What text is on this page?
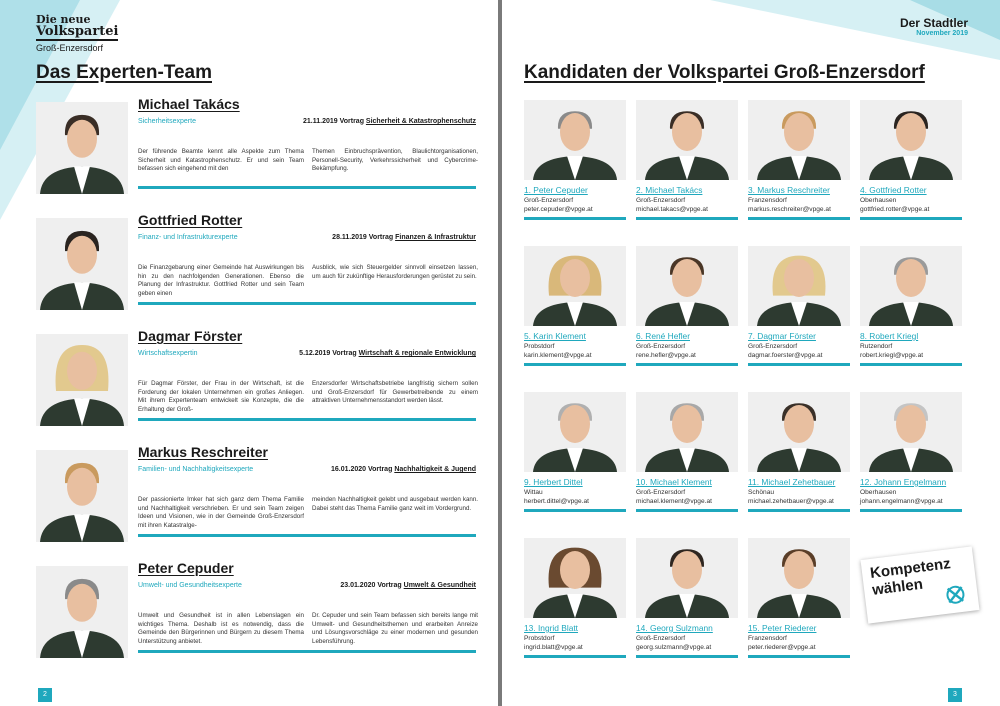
Die neue
Volkspartei
Groß-Enzersdorf
Das Experten-Team
Michael Takács
Sicherheitsexperte	21.11.2019 Vortrag Sicherheit & Katastrophenschutz
Der führende Beamte kennt alle Aspekte zum Thema Sicherheit und Katastrophenschutz. Er und sein Team befassen sich eingehend mit den
Themen Einbruchsprävention, Blaulichtorganisationen, Personell-Security, Verkehrssicherheit und Cybercrime-Bekämpfung.
Gottfried Rotter
Finanz- und Infrastrukturexperte	28.11.2019 Vortrag Finanzen & Infrastruktur
Die Finanzgebarung einer Gemeinde hat Auswirkungen bis hin zu den nachfolgenden Generationen. Ebenso die Planung der Infrastruktur. Gottfried Rotter und sein Team geben einen
Ausblick, wie sich Steuergelder sinnvoll einsetzen lassen, um auch für zukünftige Herausforderungen gerüstet zu sein.
Dagmar Förster
Wirtschaftsexpertin	5.12.2019 Vortrag Wirtschaft & regionale Entwicklung
Für Dagmar Förster, der Frau in der Wirtschaft, ist die Forderung der lokalen Unternehmen ein großes Anliegen. Mit ihrem Expertenteam entwickelt sie Konzepte, die die Erhaltung der Groß-
Enzersdorfer Wirtschaftsbetriebe langfristig sichern sollen und Groß-Enzersdorf für Gewerbetreibende zu einem attraktiven Unternehmensstandort werden lässt.
Markus Reschreiter
Familien- und Nachhaltigkeitsexperte	16.01.2020 Vortrag Nachhaltigkeit & Jugend
Der passionierte Imker hat sich ganz dem Thema Familie und Nachhaltigkeit verschrieben. Er und sein Team zeigen Ideen und Visionen, wie in der Gemeinde Groß-Enzersdorf mit ihren Katastralge-
meinden Nachhaltigkeit gelebt und ausgebaut werden kann. Dabei steht das Thema Familie ganz weit im Vordergrund.
Peter Cepuder
Umwelt- und Gesundheitsexperte	23.01.2020 Vortrag Umwelt & Gesundheit
Umwelt und Gesundheit ist in allen Lebenslagen ein wichtiges Thema. Deshalb ist es notwendig, dass die Gemeinde den Bürgerinnen und Bürgern zu diesem Thema Unterstützung anbietet.
Dr. Cepuder und sein Team befassen sich bereits lange mit Umwelt- und Gesundheitsthemen und erarbeiten Anreize und Lösungsvorschläge zu einer modernen und gesunden Lebensführung.
2
Der Stadtler
November 2019
Kandidaten der Volkspartei Groß-Enzersdorf
1. Peter Cepuder
Groß-Enzersdorf
peter.cepuder@vpge.at
2. Michael Takács
Groß-Enzersdorf
michael.takacs@vpge.at
3. Markus Reschreiter
Franzensdorf
markus.reschreiter@vpge.at
4. Gottfried Rotter
Oberhausen
gottfried.rotter@vpge.at
5. Karin Klement
Probstdorf
karin.klement@vpge.at
6. René Hefler
Groß-Enzersdorf
rene.hefler@vpge.at
7. Dagmar Förster
Groß-Enzersdorf
dagmar.foerster@vpge.at
8. Robert Kriegl
Rutzendorf
robert.kriegl@vpge.at
9. Herbert Dittel
Wittau
herbert.dittel@vpge.at
10. Michael Klement
Groß-Enzersdorf
michael.klement@vpge.at
11. Michael Zehetbauer
Schönau
michael.zehetbauer@vpge.at
12. Johann Engelmann
Oberhausen
johann.engelmann@vpge.at
13. Ingrid Blatt
Probstdorf
ingrid.blatt@vpge.at
14. Georg Sulzmann
Groß-Enzersdorf
georg.sulzmann@vpge.at
15. Peter Riederer
Franzensdorf
peter.riederer@vpge.at
Kompetenz
wählen
3
